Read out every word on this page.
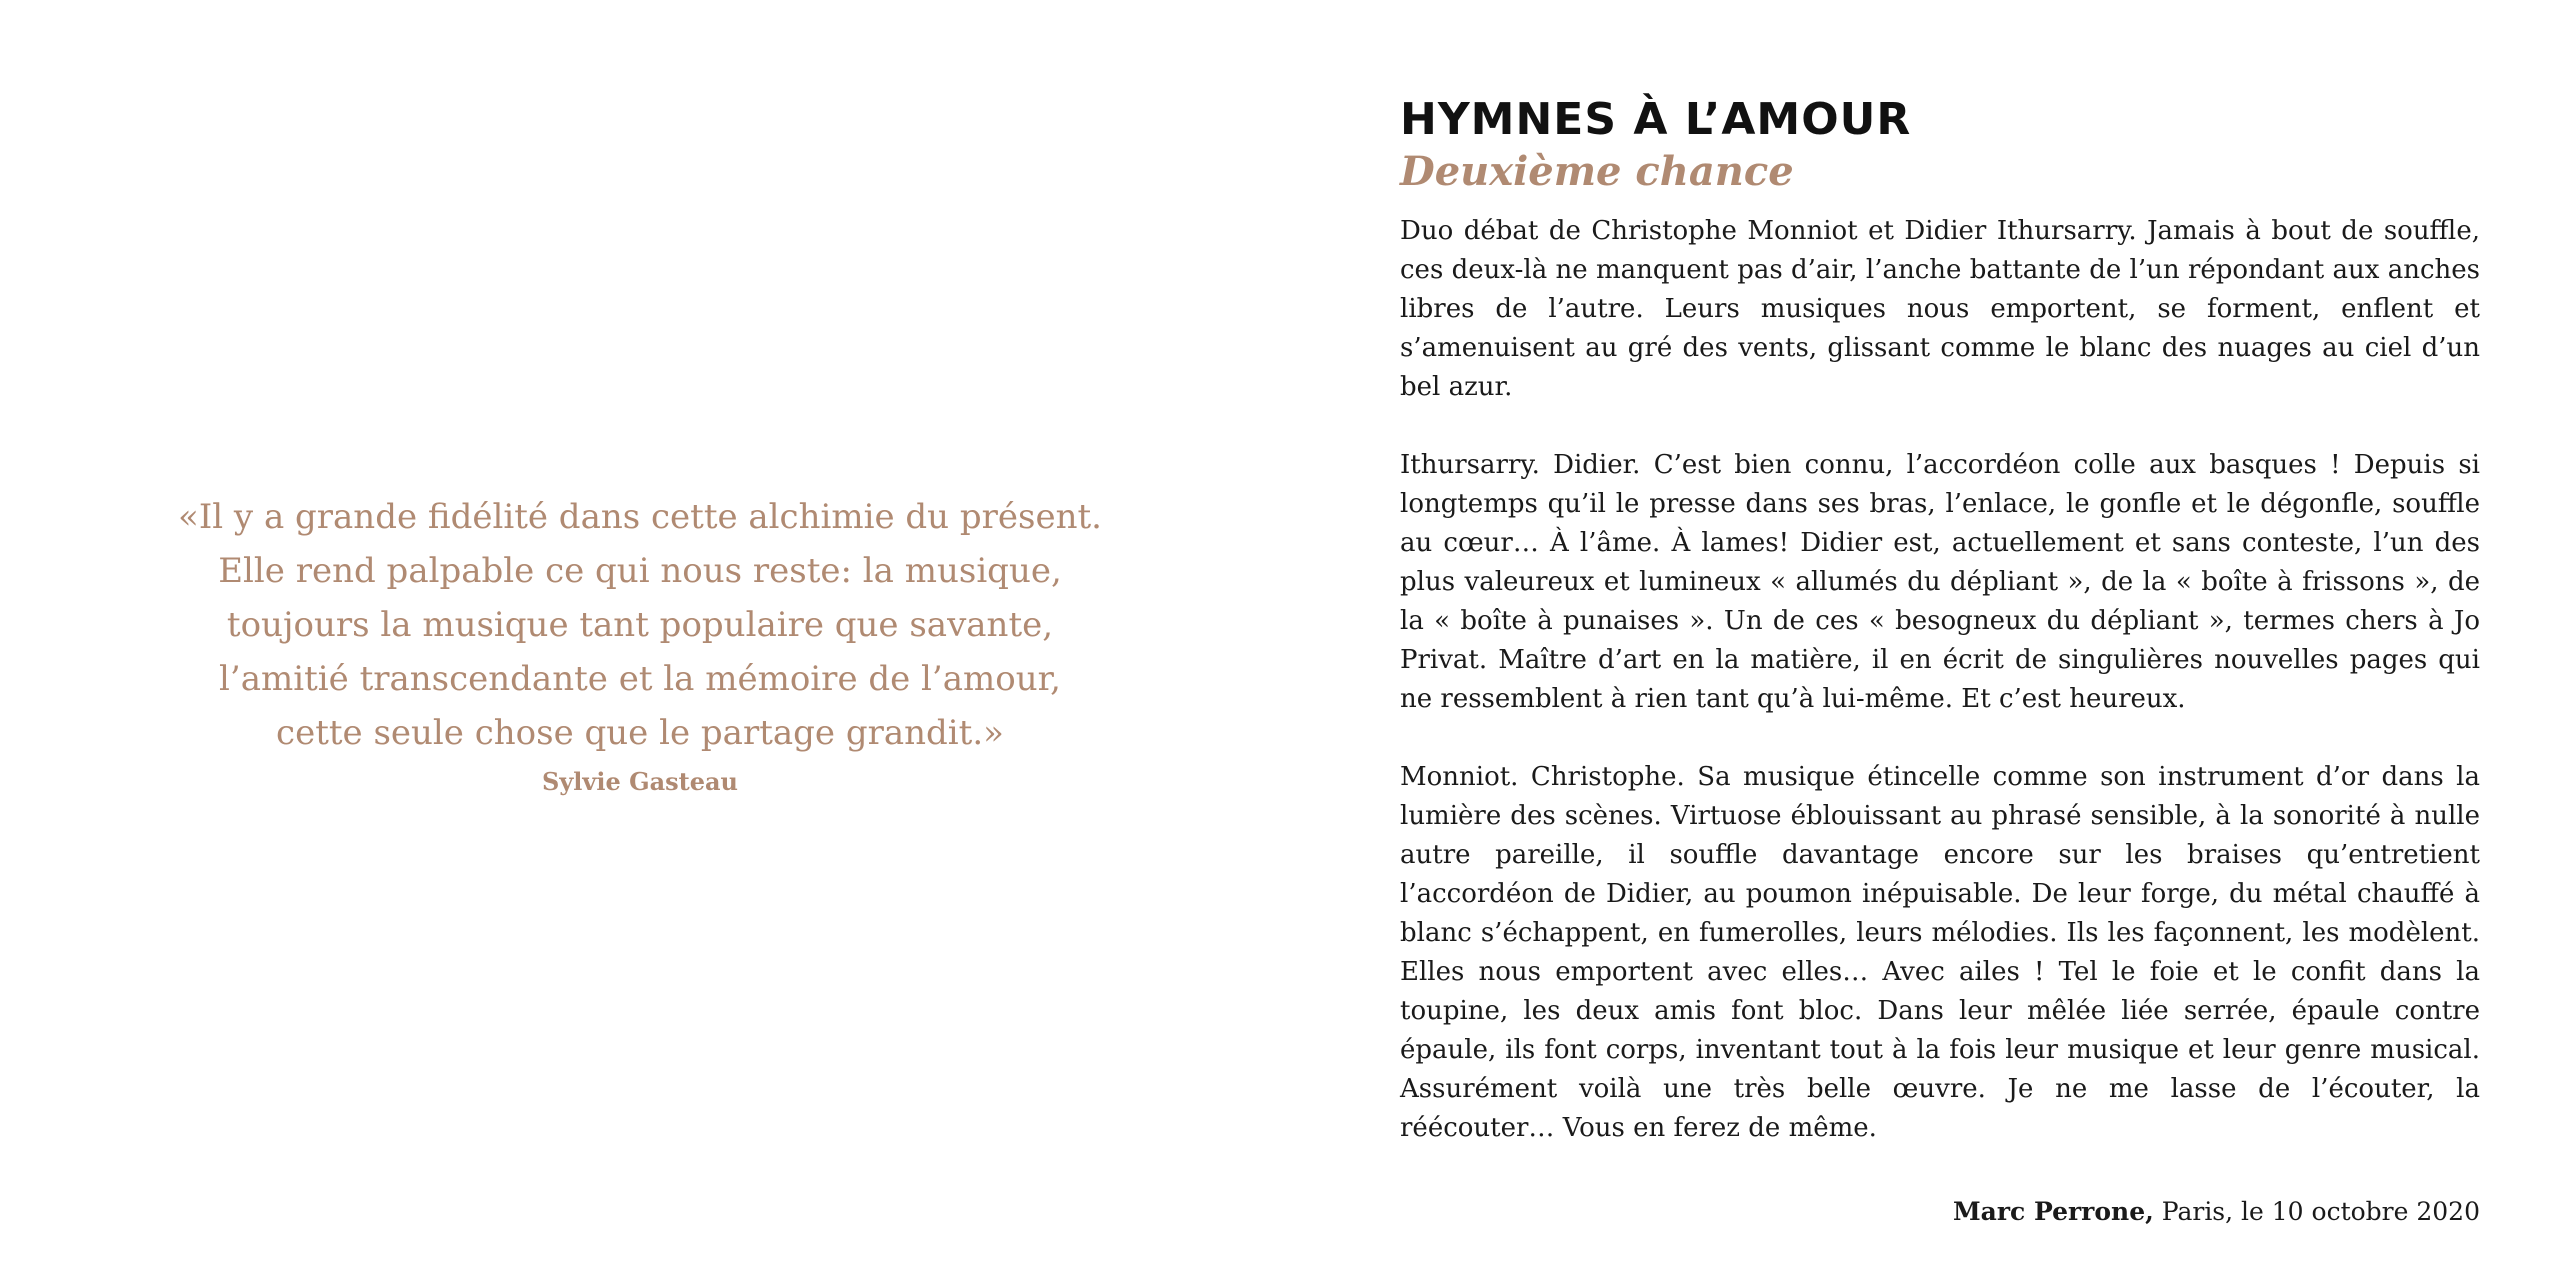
«Il y a grande fidélité dans cette alchimie du présent.
Elle rend palpable ce qui nous reste: la musique,
toujours la musique tant populaire que savante,
l’amitié transcendante et la mémoire de l’amour,
cette seule chose que le partage grandit.»
Sylvie Gasteau
HYMNES À L’AMOUR
Deuxième chance

Duo débat de Christophe Monniot et Didier Ithursarry. Jamais à bout de souffle, ces deux-là ne manquent pas d’air, l’anche battante de l’un répondant aux anches libres de l’autre. Leurs musiques nous emportent, se forment, enflent et s’amenuisent au gré des vents, glissant comme le blanc des nuages au ciel d’un bel azur.

Ithursarry. Didier. C’est bien connu, l’accordéon colle aux basques ! Depuis si longtemps qu’il le presse dans ses bras, l’enlace, le gonfle et le dégonfle, souffle au cœur… À l’âme. À lames! Didier est, actuellement et sans conteste, l’un des plus valeureux et lumineux « allumés du dépliant », de la « boîte à frissons », de la « boîte à punaises ». Un de ces « besogneux du dépliant », termes chers à Jo Privat. Maître d’art en la matière, il en écrit de singulières nouvelles pages qui ne ressemblent à rien tant qu’à lui-même. Et c’est heureux.

Monniot. Christophe. Sa musique étincelle comme son instrument d’or dans la lumière des scènes. Virtuose éblouissant au phrasé sensible, à la sonorité à nulle autre pareille, il souffle davantage encore sur les braises qu’entretient l’accordéon de Didier, au poumon inépuisable. De leur forge, du métal chauffé à blanc s’échappent, en fumerolles, leurs mélodies. Ils les façonnent, les modèlent. Elles nous emportent avec elles… Avec ailes ! Tel le foie et le confit dans la toupine, les deux amis font bloc. Dans leur mêlée liée serrée, épaule contre épaule, ils font corps, inventant tout à la fois leur musique et leur genre musical. Assurément voilà une très belle œuvre. Je ne me lasse de l’écouter, la réécouter… Vous en ferez de même.

Marc Perrone, Paris, le 10 octobre 2020
